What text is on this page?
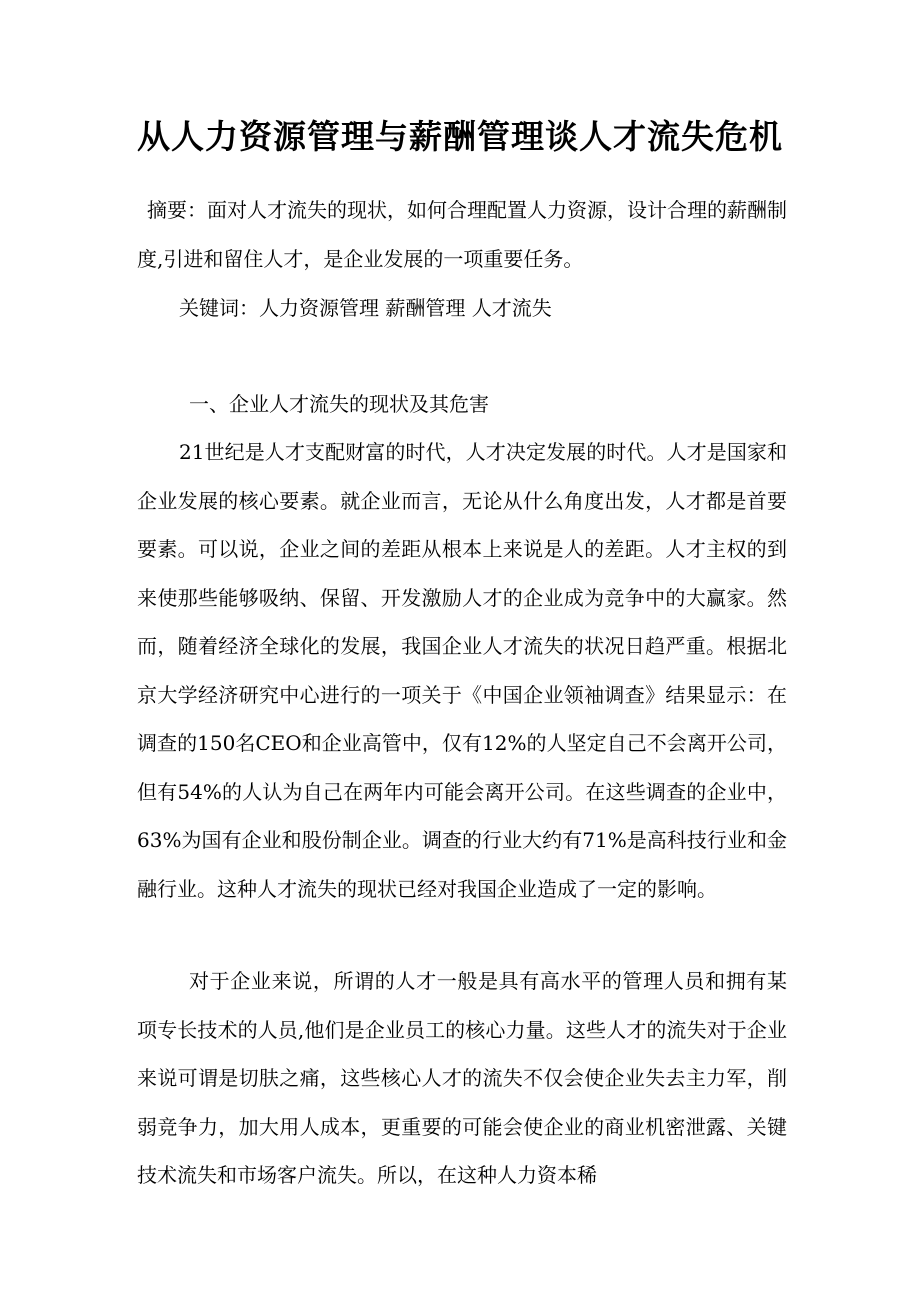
从人力资源管理与薪酬管理谈人才流失危机
摘要：面对人才流失的现状，如何合理配置人力资源，设计合理的薪酬制度,引进和留住人才，是企业发展的一项重要任务。
关键词：人力资源管理 薪酬管理 人才流失
一、企业人才流失的现状及其危害
21世纪是人才支配财富的时代，人才决定发展的时代。人才是国家和企业发展的核心要素。就企业而言，无论从什么角度出发，人才都是首要要素。可以说，企业之间的差距从根本上来说是人的差距。人才主权的到来使那些能够吸纳、保留、开发激励人才的企业成为竞争中的大赢家。然而，随着经济全球化的发展，我国企业人才流失的状况日趋严重。根据北京大学经济研究中心进行的一项关于《中国企业领袖调查》结果显示：在调查的150名CEO和企业高管中，仅有12%的人坚定自己不会离开公司，但有54%的人认为自己在两年内可能会离开公司。在这些调查的企业中，63%为国有企业和股份制企业。调查的行业大约有71%是高科技行业和金融行业。这种人才流失的现状已经对我国企业造成了一定的影响。
对于企业来说，所谓的人才一般是具有高水平的管理人员和拥有某项专长技术的人员,他们是企业员工的核心力量。这些人才的流失对于企业来说可谓是切肤之痛，这些核心人才的流失不仅会使企业失去主力军，削弱竞争力，加大用人成本，更重要的可能会使企业的商业机密泄露、关键技术流失和市场客户流失。所以，在这种人力资本稀
